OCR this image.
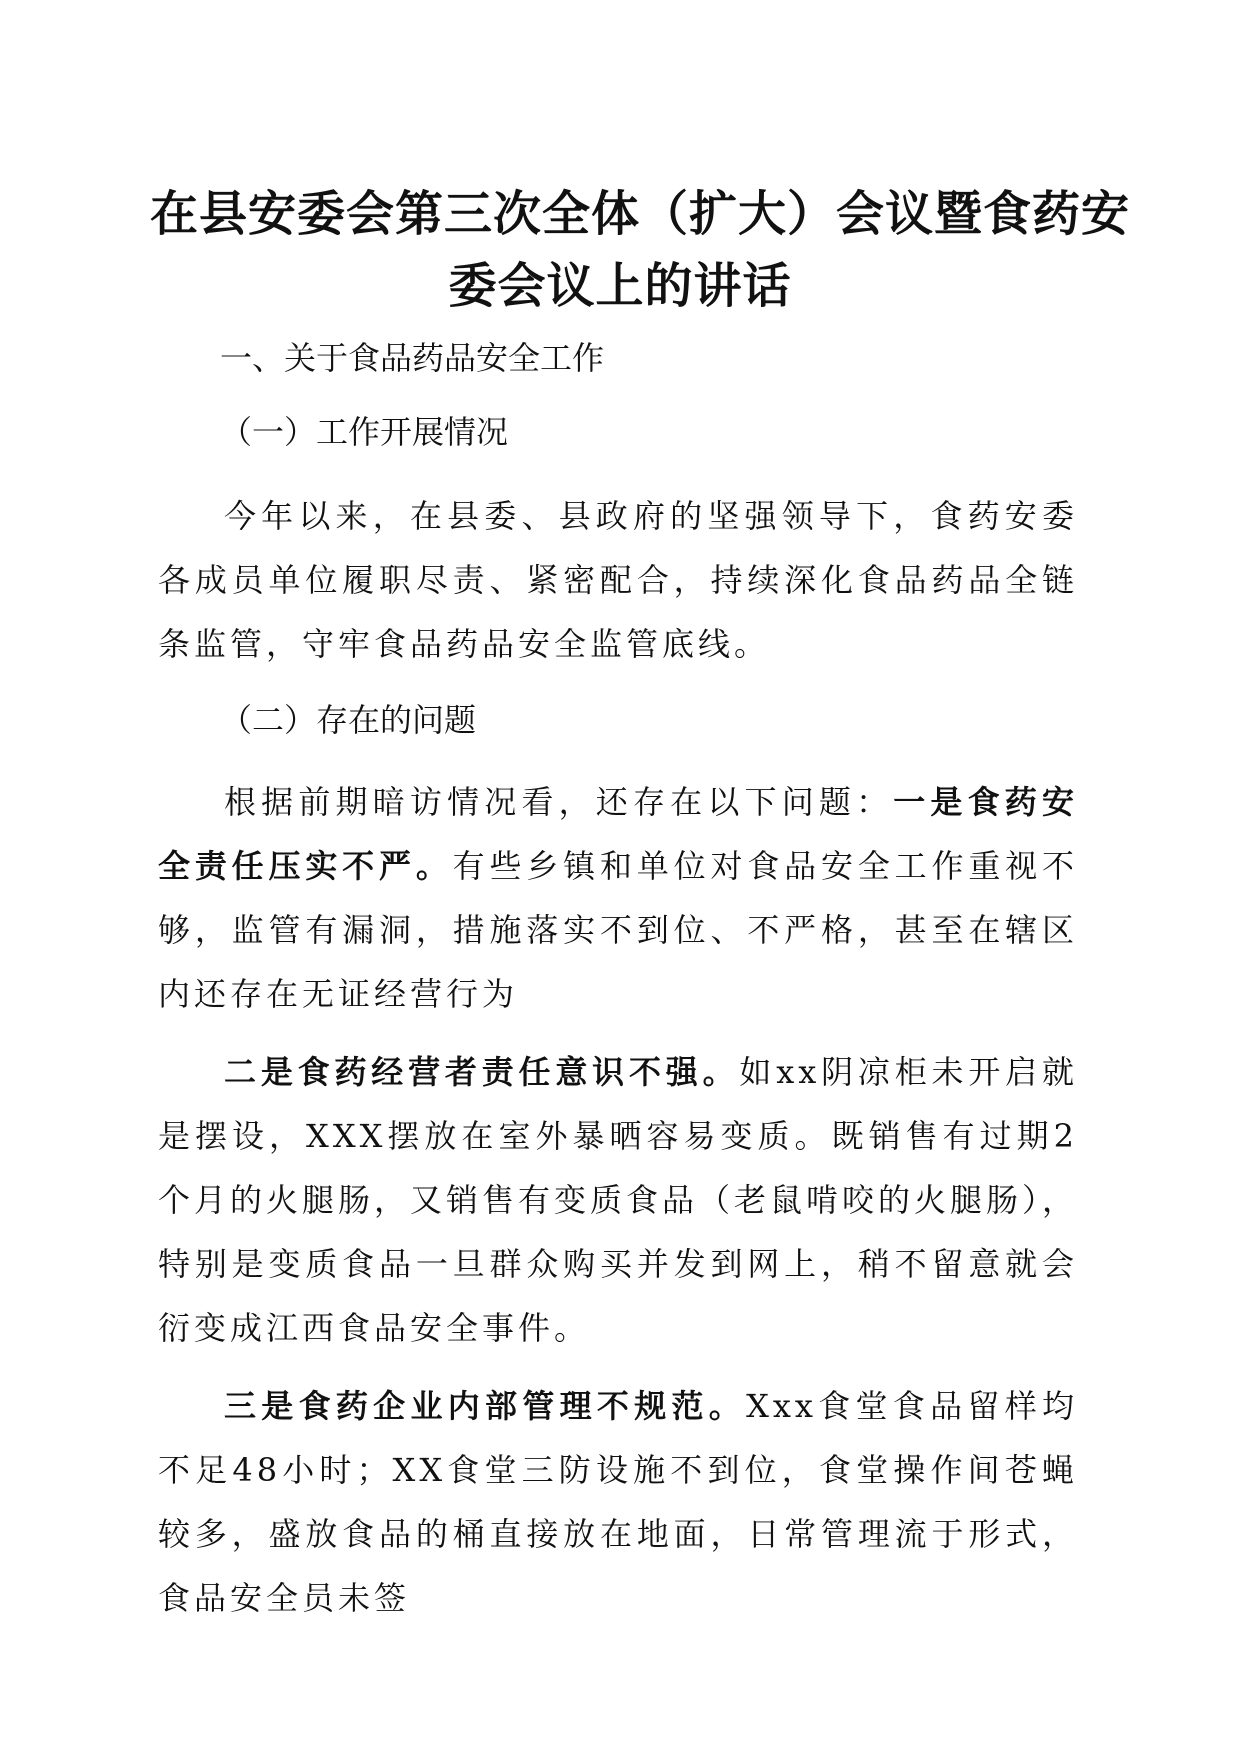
在县安委会第三次全体（扩大）会议暨食药安
委会议上的讲话
一、关于食品药品安全工作
（一）工作开展情况

今年以来，在县委、县政府的坚强领导下，食药安委各成员单位履职尽责、紧密配合，持续深化食品药品全链条监管，守牢食品药品安全监管底线。

（二）存在的问题

根据前期暗访情况看，还存在以下问题：一是食药安全责任压实不严。有些乡镇和单位对食品安全工作重视不够，监管有漏洞，措施落实不到位、不严格，甚至在辖区内还存在无证经营行为

二是食药经营者责任意识不强。如xx阴凉柜未开启就是摆设，XXX摆放在室外暴晒容易变质。既销售有过期2个月的火腿肠，又销售有变质食品（老鼠啃咬的火腿肠），特别是变质食品一旦群众购买并发到网上，稍不留意就会衍变成江西食品安全事件。

三是食药企业内部管理不规范。Xxx食堂食品留样均不足48小时；XX食堂三防设施不到位，食堂操作间苍蝇较多，盛放食品的桶直接放在地面，日常管理流于形式，食品安全员未签
